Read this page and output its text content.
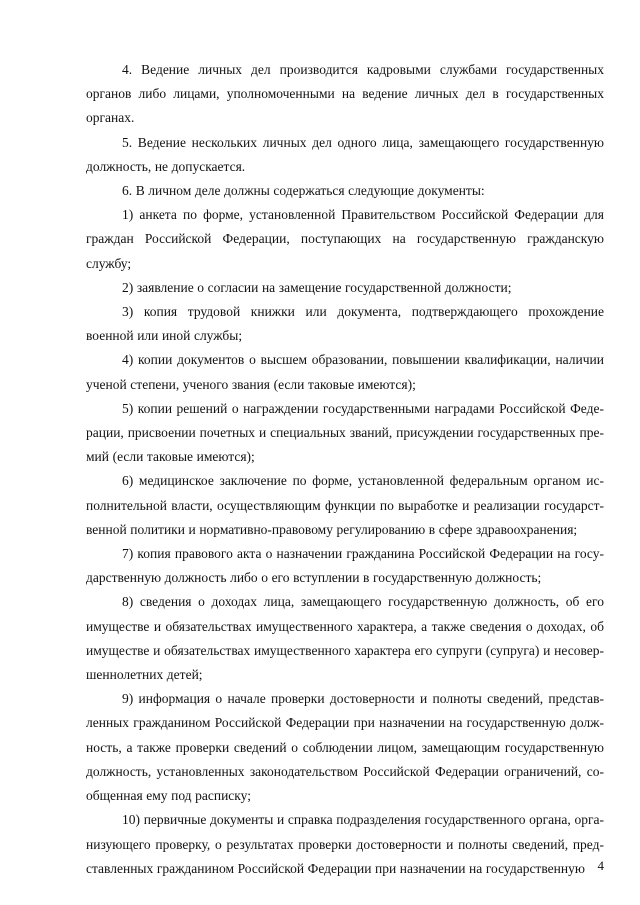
4. Ведение личных дел производится кадровыми службами государственных органов либо лицами, уполномоченными на ведение личных дел в государственных органах.

5. Ведение нескольких личных дел одного лица, замещающего государственную должность, не допускается.

6. В личном деле должны содержаться следующие документы:

1) анкета по форме, установленной Правительством Российской Федерации для граждан Российской Федерации, поступающих на государственную гражданскую службу;

2) заявление о согласии на замещение государственной должности;

3) копия трудовой книжки или документа, подтверждающего прохождение военной или иной службы;

4) копии документов о высшем образовании, повышении квалификации, наличии ученой степени, ученого звания (если таковые имеются);

5) копии решений о награждении государственными наградами Российской Федерации, присвоении почетных и специальных званий, присуждении государственных премий (если таковые имеются);

6) медицинское заключение по форме, установленной федеральным органом исполнительной власти, осуществляющим функции по выработке и реализации государственной политики и нормативно-правовому регулированию в сфере здравоохранения;

7) копия правового акта о назначении гражданина Российской Федерации на государственную должность либо о его вступлении в государственную должность;

8) сведения о доходах лица, замещающего государственную должность, об его имуществе и обязательствах имущественного характера, а также сведения о доходах, об имуществе и обязательствах имущественного характера его супруги (супруга) и несовершеннолетних детей;

9) информация о начале проверки достоверности и полноты сведений, представленных гражданином Российской Федерации при назначении на государственную должность, а также проверки сведений о соблюдении лицом, замещающим государственную должность, установленных законодательством Российской Федерации ограничений, сообщенная ему под расписку;

10) первичные документы и справка подразделения государственного органа, организующего проверку, о результатах проверки достоверности и полноты сведений, представленных гражданином Российской Федерации при назначении на государственную 4
